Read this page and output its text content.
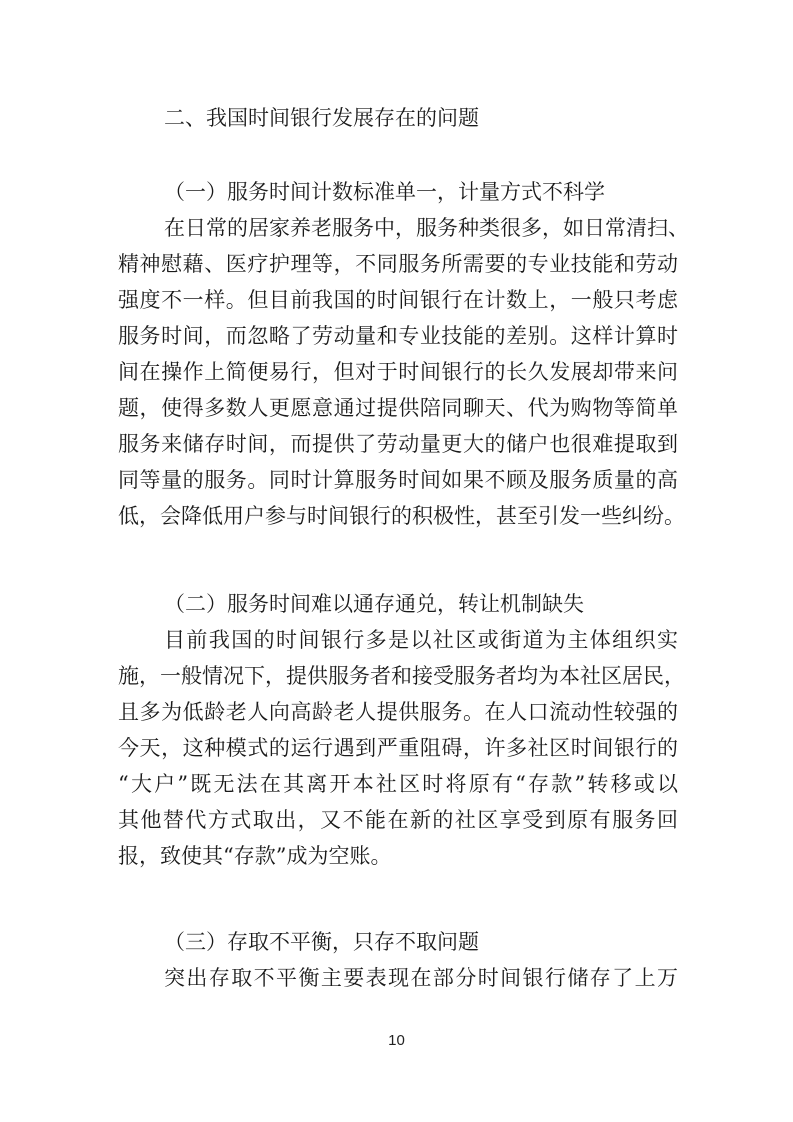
二、我国时间银行发展存在的问题
（一）服务时间计数标准单一，计量方式不科学
在日常的居家养老服务中，服务种类很多，如日常清扫、
精神慰藉、医疗护理等，不同服务所需要的专业技能和劳动
强度不一样。但目前我国的时间银行在计数上，一般只考虑
服务时间，而忽略了劳动量和专业技能的差别。这样计算时
间在操作上简便易行，但对于时间银行的长久发展却带来问
题，使得多数人更愿意通过提供陪同聊天、代为购物等简单
服务来储存时间，而提供了劳动量更大的储户也很难提取到
同等量的服务。同时计算服务时间如果不顾及服务质量的高
低，会降低用户参与时间银行的积极性，甚至引发一些纠纷。
（二）服务时间难以通存通兑，转让机制缺失
目前我国的时间银行多是以社区或街道为主体组织实
施，一般情况下，提供服务者和接受服务者均为本社区居民，
且多为低龄老人向高龄老人提供服务。在人口流动性较强的
今天，这种模式的运行遇到严重阻碍，许多社区时间银行的
“大户”既无法在其离开本社区时将原有“存款”转移或以
其他替代方式取出，又不能在新的社区享受到原有服务回
报，致使其“存款”成为空账。
（三）存取不平衡，只存不取问题
突出存取不平衡主要表现在部分时间银行储存了上万
10
